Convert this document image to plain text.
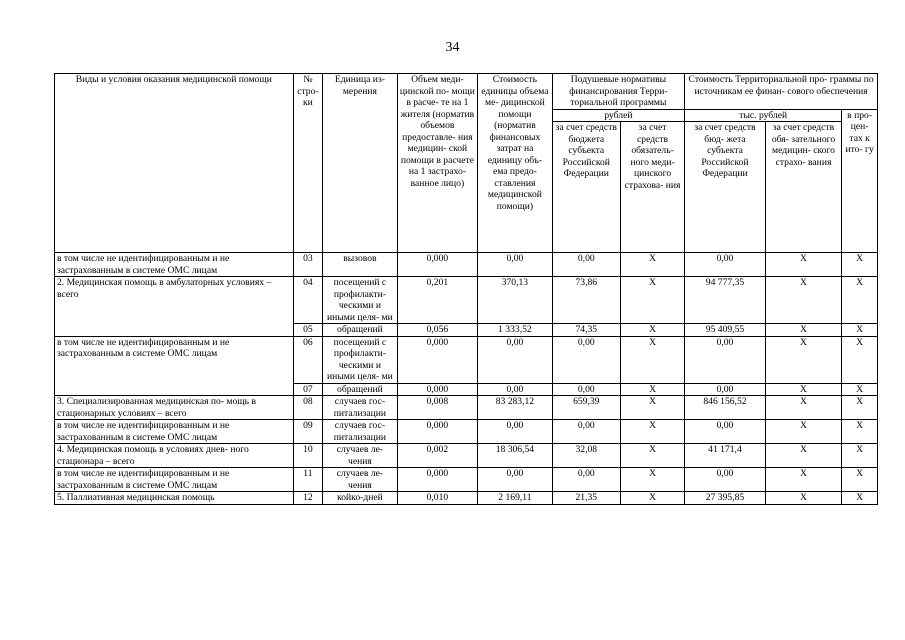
34
Виды и условия оказания медицинской помощи	№ стро- ки	Единица из- мерения	Объем меди- цинской по- мощи в расче- те на 1 жителя (норматив объемов предоставле- ния медицин- ской помощи в расчете на 1 застрахо- ванное лицо)	Стоимость единицы объема ме- дицинской помощи (норматив финансовых затрат на единицу объ- ема предо- ставления медицинской помощи)	Подушевые нормативы финансирования Терри- ториальной программы		Стоимость Территориальной про- граммы по источникам ее финан- сового обеспечения		
					рублей		тыс. рублей		в про- цен- тах к ито- гу
					за счет средств бюджета субъекта Российской Федерации	за счет средств обязатель- ного меди- цинского страхова- ния	за счет средств бюд- жета субъекта Российской Федерации	за счет средств обя- зательного медицин- ского страхо- вания	
в том числе не идентифицированным и не застрахованным в системе ОМС лицам	03	вызовов	0,000	0,00	0,00	X	0,00	X	X
2. Медицинская помощь в амбулаторных условиях – всего	04	посещений с профилакти- ческими и иными целя- ми	0,201	370,13	73,86	X	94 777,35	X	X
	05	обращений	0,056	1 333,52	74,35	X	95 409,55	X	X
в том числе не идентифицированным и не застрахованным в системе ОМС лицам	06	посещений с профилакти- ческими и иными целя- ми	0,000	0,00	0,00	X	0,00	X	X
	07	обращений	0,000	0,00	0,00	X	0,00	X	X
3. Специализированная медицинская по- мощь в стационарных условиях – всего	08	случаев гос- питализации	0,008	83 283,12	659,39	X	846 156,52	X	X
в том числе не идентифицированным и не застрахованным в системе ОМС лицам	09	случаев гос- питализации	0,000	0,00	0,00	X	0,00	X	X
4. Медицинская помощь в условиях днев- ного стационара – всего	10	случаев ле- чения	0,002	18 306,54	32,08	X	41 171,4	X	X
в том числе не идентифицированным и не застрахованным в системе ОМС лицам	11	случаев ле- чения	0,000	0,00	0,00	X	0,00	X	X
5. Паллиативная медицинская помощь	12	койко-дней	0,010	2 169,11	21,35	X	27 395,85	X	X
